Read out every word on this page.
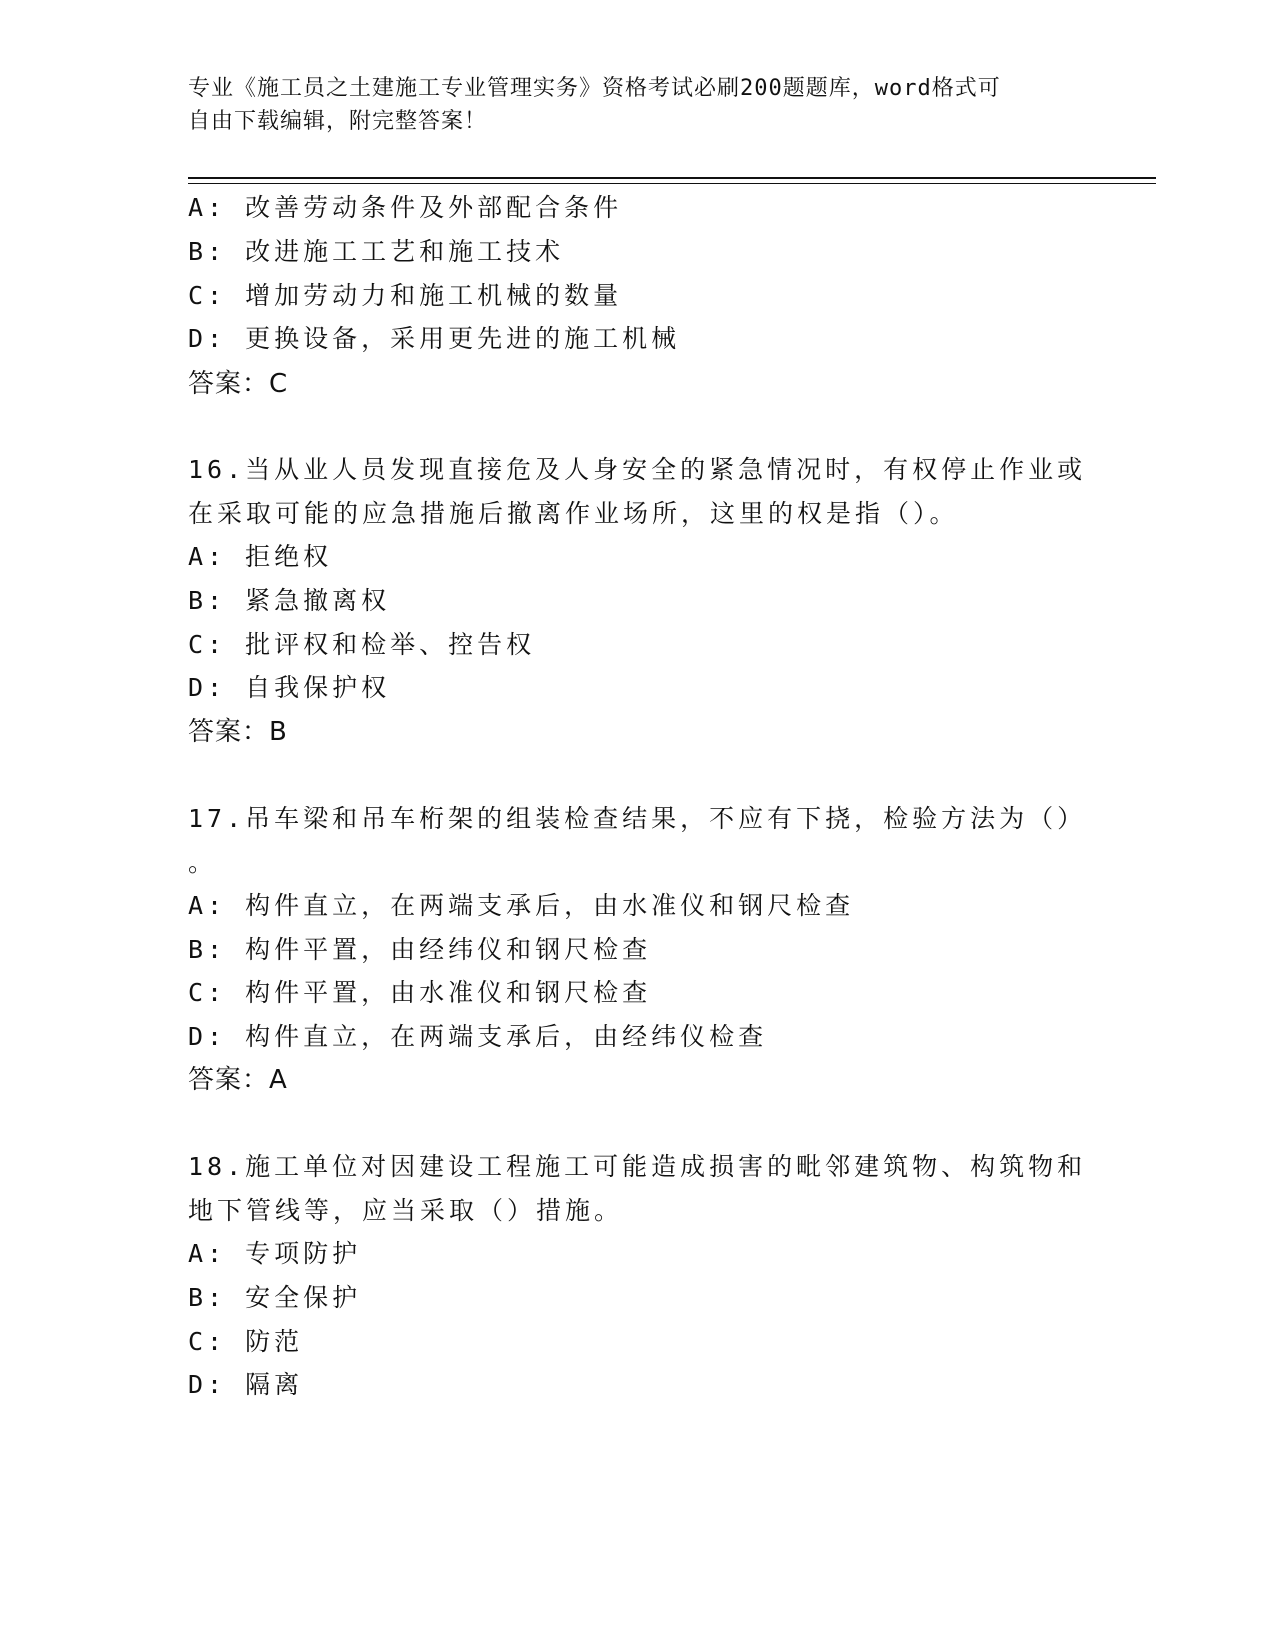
专业《施工员之土建施工专业管理实务》资格考试必刷200题题库，word格式可
自由下载编辑，附完整答案！
A: 改善劳动条件及外部配合条件
B: 改进施工工艺和施工技术
C: 增加劳动力和施工机械的数量
D: 更换设备，采用更先进的施工机械
答案：C
16.当从业人员发现直接危及人身安全的紧急情况时，有权停止作业或
在采取可能的应急措施后撤离作业场所，这里的权是指（）。
A: 拒绝权
B: 紧急撤离权
C: 批评权和检举、控告权
D: 自我保护权
答案：B
17.吊车梁和吊车桁架的组装检查结果，不应有下挠，检验方法为（）
。
A: 构件直立，在两端支承后，由水准仪和钢尺检查
B: 构件平置，由经纬仪和钢尺检查
C: 构件平置，由水准仪和钢尺检查
D: 构件直立，在两端支承后，由经纬仪检查
答案：A
18.施工单位对因建设工程施工可能造成损害的毗邻建筑物、构筑物和
地下管线等，应当采取（）措施。
A: 专项防护
B: 安全保护
C: 防范
D: 隔离
